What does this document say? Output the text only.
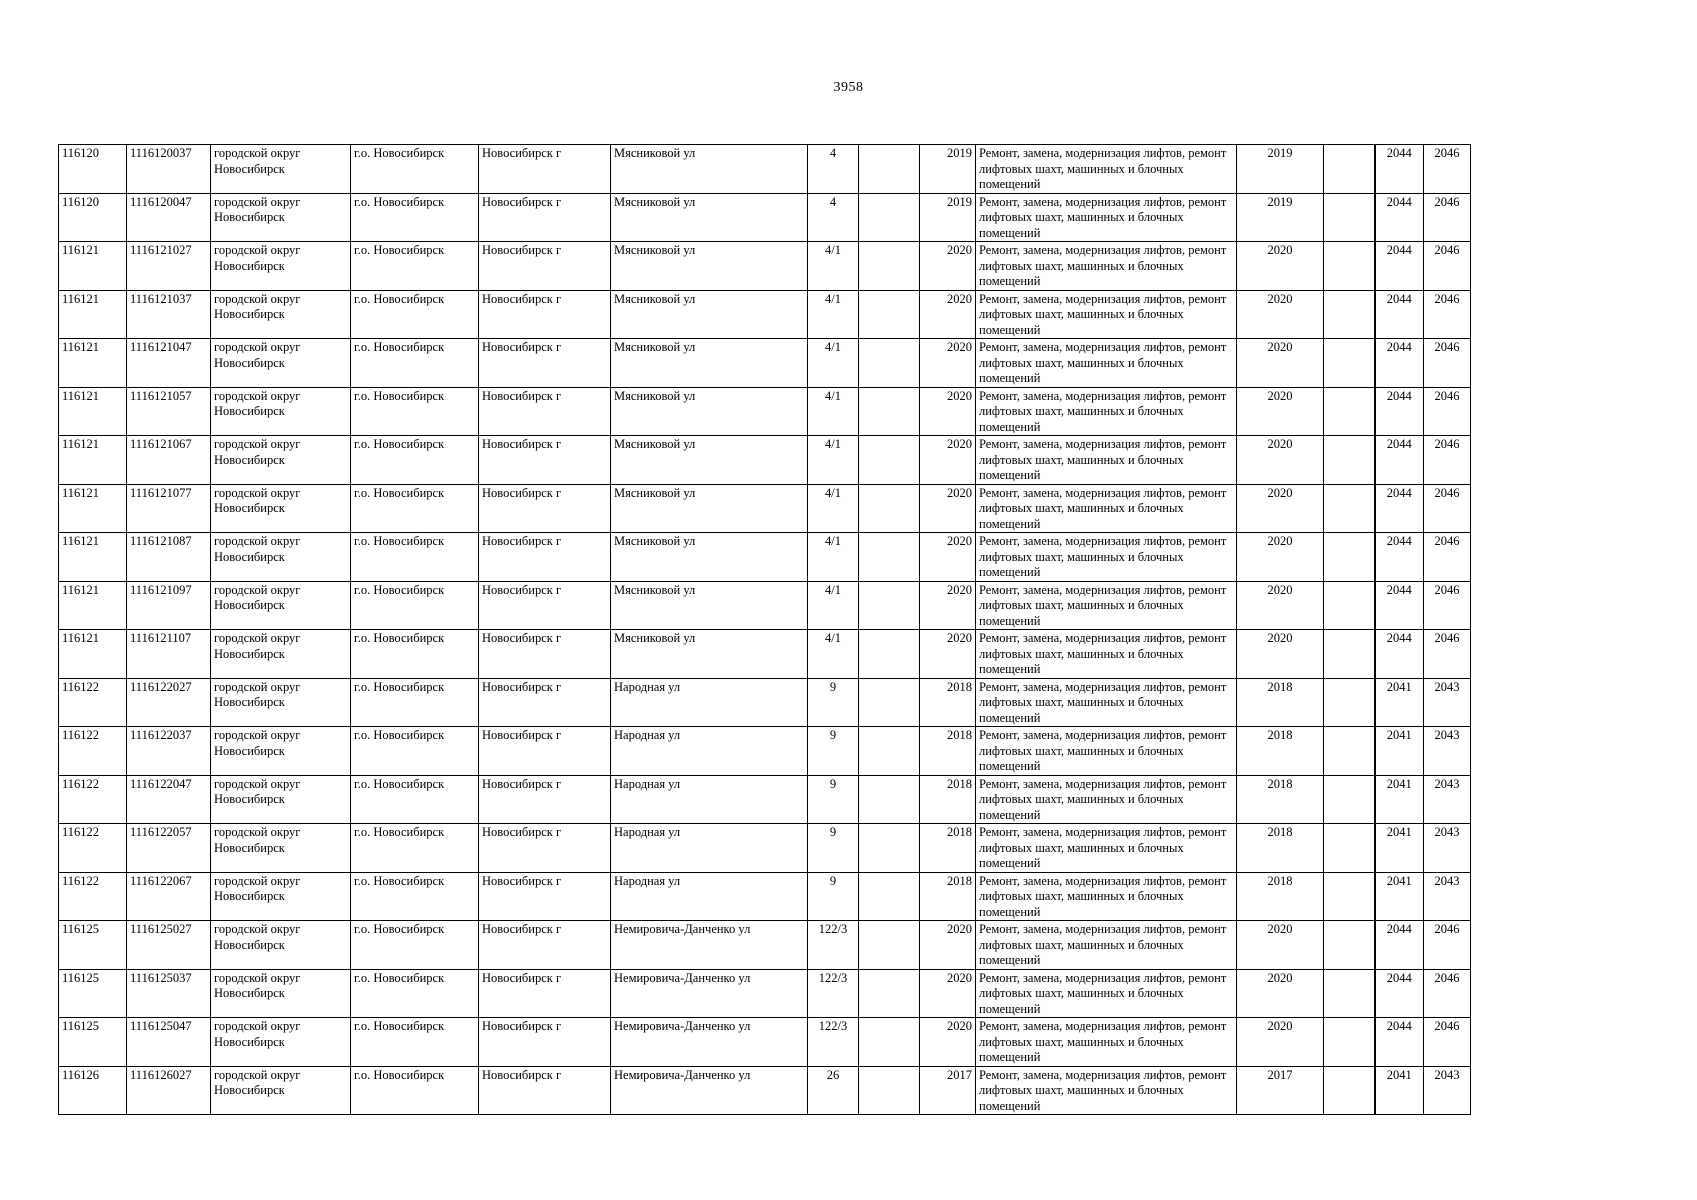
3958
116120	1116120037	городской округ Новосибирск	г.о. Новосибирск	Новосибирск г	Мясниковой ул	4		2019	Ремонт, замена, модернизация лифтов, ремонт лифтовых шахт, машинных и блочных помещений	2019		2044	2046
116120	1116120047	городской округ Новосибирск	г.о. Новосибирск	Новосибирск г	Мясниковой ул	4		2019	Ремонт, замена, модернизация лифтов, ремонт лифтовых шахт, машинных и блочных помещений	2019		2044	2046
116121	1116121027	городской округ Новосибирск	г.о. Новосибирск	Новосибирск г	Мясниковой ул	4/1		2020	Ремонт, замена, модернизация лифтов, ремонт лифтовых шахт, машинных и блочных помещений	2020		2044	2046
116121	1116121037	городской округ Новосибирск	г.о. Новосибирск	Новосибирск г	Мясниковой ул	4/1		2020	Ремонт, замена, модернизация лифтов, ремонт лифтовых шахт, машинных и блочных помещений	2020		2044	2046
116121	1116121047	городской округ Новосибирск	г.о. Новосибирск	Новосибирск г	Мясниковой ул	4/1		2020	Ремонт, замена, модернизация лифтов, ремонт лифтовых шахт, машинных и блочных помещений	2020		2044	2046
116121	1116121057	городской округ Новосибирск	г.о. Новосибирск	Новосибирск г	Мясниковой ул	4/1		2020	Ремонт, замена, модернизация лифтов, ремонт лифтовых шахт, машинных и блочных помещений	2020		2044	2046
116121	1116121067	городской округ Новосибирск	г.о. Новосибирск	Новосибирск г	Мясниковой ул	4/1		2020	Ремонт, замена, модернизация лифтов, ремонт лифтовых шахт, машинных и блочных помещений	2020		2044	2046
116121	1116121077	городской округ Новосибирск	г.о. Новосибирск	Новосибирск г	Мясниковой ул	4/1		2020	Ремонт, замена, модернизация лифтов, ремонт лифтовых шахт, машинных и блочных помещений	2020		2044	2046
116121	1116121087	городской округ Новосибирск	г.о. Новосибирск	Новосибирск г	Мясниковой ул	4/1		2020	Ремонт, замена, модернизация лифтов, ремонт лифтовых шахт, машинных и блочных помещений	2020		2044	2046
116121	1116121097	городской округ Новосибирск	г.о. Новосибирск	Новосибирск г	Мясниковой ул	4/1		2020	Ремонт, замена, модернизация лифтов, ремонт лифтовых шахт, машинных и блочных помещений	2020		2044	2046
116121	1116121107	городской округ Новосибирск	г.о. Новосибирск	Новосибирск г	Мясниковой ул	4/1		2020	Ремонт, замена, модернизация лифтов, ремонт лифтовых шахт, машинных и блочных помещений	2020		2044	2046
116122	1116122027	городской округ Новосибирск	г.о. Новосибирск	Новосибирск г	Народная ул	9		2018	Ремонт, замена, модернизация лифтов, ремонт лифтовых шахт, машинных и блочных помещений	2018		2041	2043
116122	1116122037	городской округ Новосибирск	г.о. Новосибирск	Новосибирск г	Народная ул	9		2018	Ремонт, замена, модернизация лифтов, ремонт лифтовых шахт, машинных и блочных помещений	2018		2041	2043
116122	1116122047	городской округ Новосибирск	г.о. Новосибирск	Новосибирск г	Народная ул	9		2018	Ремонт, замена, модернизация лифтов, ремонт лифтовых шахт, машинных и блочных помещений	2018		2041	2043
116122	1116122057	городской округ Новосибирск	г.о. Новосибирск	Новосибирск г	Народная ул	9		2018	Ремонт, замена, модернизация лифтов, ремонт лифтовых шахт, машинных и блочных помещений	2018		2041	2043
116122	1116122067	городской округ Новосибирск	г.о. Новосибирск	Новосибирск г	Народная ул	9		2018	Ремонт, замена, модернизация лифтов, ремонт лифтовых шахт, машинных и блочных помещений	2018		2041	2043
116125	1116125027	городской округ Новосибирск	г.о. Новосибирск	Новосибирск г	Немировича-Данченко ул	122/3		2020	Ремонт, замена, модернизация лифтов, ремонт лифтовых шахт, машинных и блочных помещений	2020		2044	2046
116125	1116125037	городской округ Новосибирск	г.о. Новосибирск	Новосибирск г	Немировича-Данченко ул	122/3		2020	Ремонт, замена, модернизация лифтов, ремонт лифтовых шахт, машинных и блочных помещений	2020		2044	2046
116125	1116125047	городской округ Новосибирск	г.о. Новосибирск	Новосибирск г	Немировича-Данченко ул	122/3		2020	Ремонт, замена, модернизация лифтов, ремонт лифтовых шахт, машинных и блочных помещений	2020		2044	2046
116126	1116126027	городской округ Новосибирск	г.о. Новосибирск	Новосибирск г	Немировича-Данченко ул	26		2017	Ремонт, замена, модернизация лифтов, ремонт лифтовых шахт, машинных и блочных помещений	2017		2041	2043
